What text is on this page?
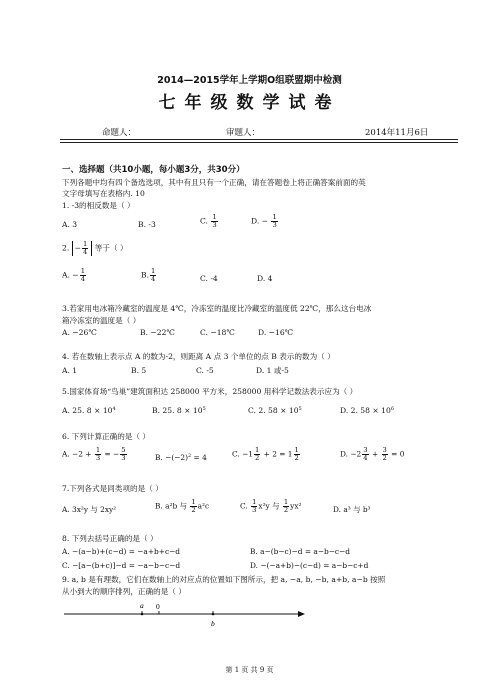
2014—2015学年上学期O组联盟期中检测
七年级数学试卷
命题人：	审题人：	2014年11月6日
一、选择题（共10小题，每小题3分，共30分）
下列各题中均有四个备选选项，其中有且只有一个正确，请在答题卷上将正确答案前面的英
文字母填写在表格内. 10
1. -3的相反数是（ ）
A. 3	B. -3	C. $\frac{1}{3}$	D. − $\frac{1}{3}$
2. − $\frac{1}{4}$ 等于（ ）
A. − $\frac{1}{4}$	B. $\frac{1}{4}$	C. -4	D. 4
3.若家用电冰箱冷藏室的温度是 4℃，冷冻室的温度比冷藏室的温度低 22℃，那么这台电冰
箱冷冻室的温度是（ ）
A. −26℃	B. −22℃	C. −18℃	D. −16℃
4. 若在数轴上表示点 A 的数为-2，则距离 A 点 3 个单位的点 B 表示的数为（ ）
A. 1	B. 5	C. -5	D. 1 或-5
5.国家体育场“鸟巢”建筑面积达 258000 平方米，258000 用科学记数法表示应为（ ）
A. 25. $8 \times 10^4$	B. 25. $8 \times 10^5$	C. 2. $58 \times 10^5$	D. 2. $58 \times 10^6$
6. 下列计算正确的是（ ）
A. $-2 + \frac{1}{3}$ = − $\frac{5}{3}$	B. $-(-2)^2 = 4$	C. $-1 \frac{1}{2} + 2 = 1 \frac{1}{2}$	D. $-2 \frac{3}{4} + \frac{3}{2} = 0$
7.下列各式是同类项的是（ ）
A. 3x²y 与 2xy²	B. a²b 与 $\frac{1}{2} a^2c$	C. $\frac{1}{3} x^2y$ 与 $\frac{1}{2} yx^2$	D. a³ 与 b³
8. 下列去括号正确的是（ ）
A. −(a−b)+(c−d) = −a+b+c−d	B. a−(b−c)−d = a−b−c−d
C. −[a−(b+c)]−d = −a−b−c−d	D. −(−a+b)−(c−d) = a−b−c+d
9. a, b 是有理数，它们在数轴上的对应点的位置如下图所示，把 a, −a, b, −b, a+b, a−b 按照
从小到大的顺序排列，正确的是（ ）
a 0
b
第 1 页 共 9 页
